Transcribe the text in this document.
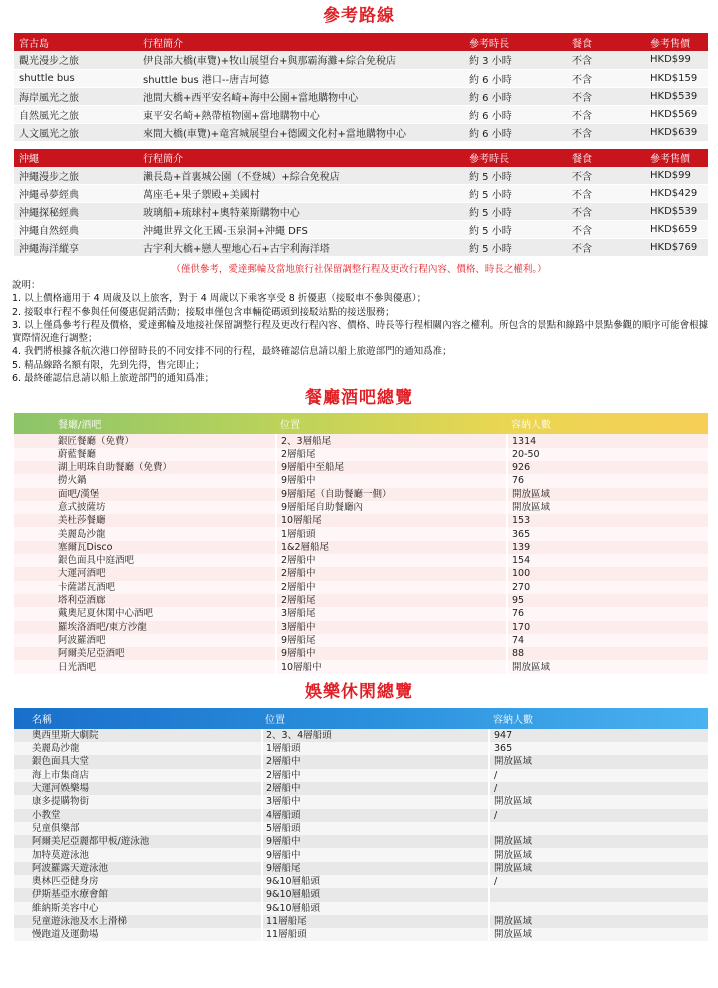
參考路線
宮古島	行程簡介	參考時長	餐食	參考售價
觀光漫步之旅	伊良部大橋(車覽)+牧山展望台+與那霸海灘+綜合免稅店	約 3 小時	不含	HKD$99
shuttle bus	shuttle bus 港口--唐吉坷德	約 6 小時	不含	HKD$159
海岸風光之旅	池間大橋+西平安名崎+海中公園+當地購物中心	約 6 小時	不含	HKD$539
自然風光之旅	東平安名崎+熱帶植物園+當地購物中心	約 6 小時	不含	HKD$569
人文風光之旅	來間大橋(車覽)+竜宮城展望台+德國文化村+當地購物中心	約 6 小時	不含	HKD$639
沖繩	行程簡介	參考時長	餐食	參考售價
沖繩漫步之旅	瀨長島+首裏城公園（不登城）+綜合免稅店	約 5 小時	不含	HKD$99
沖繩尋夢經典	萬座毛+果子禦殿+美國村	約 5 小時	不含	HKD$429
沖繩探秘經典	玻璃船+琉球村+奧特萊斯購物中心	約 5 小時	不含	HKD$539
沖繩自然經典	沖繩世界文化王國-玉泉洞+沖繩 DFS	約 5 小時	不含	HKD$659
沖繩海洋縱享	古宇利大橋+戀人聖地心石+古宇利海洋塔	約 5 小時	不含	HKD$769
（僅供參考，愛達郵輪及當地旅行社保留調整行程及更改行程內容、價格、時長之權利。）
說明：
1. 以上價格適用于 4 周歲及以上旅客，對于 4 周歲以下乘客享受 8 折優惠（接駁車不參與優惠）；
2. 接駁車行程不參與任何優惠促銷活動；接駁車僅包含車輛從碼頭到接駁站點的接送服務；
3. 以上僅爲參考行程及價格，愛達郵輪及地接社保留調整行程及更改行程內容、價格、時長等行程相關內容之權利。所包含的景點和線路中景點參觀的順序可能會根據實際情況進行調整；
4. 我們將根據各航次港口停留時長的不同安排不同的行程，最終確認信息請以船上旅遊部門的通知爲准；
5. 精品線路名額有限，先到先得，售完即止；
6. 最終確認信息請以船上旅遊部門的通知爲准；
餐廳酒吧總覽
餐廳/酒吧	位置	容納人數
銀匠餐廳（免費）	2、3層船尾	1314
蔚藍餐廳	2層船尾	20-50
湖上明珠自助餐廳（免費）	9層船中至船尾	926
撈火鍋	9層船中	76
面吧/漢堡	9層船尾（自助餐廳一側）	開放區域
意式披薩坊	9層船尾自助餐廳內	開放區域
美杜莎餐廳	10層船尾	153
美麗島沙龍	1層船頭	365
塞爾瓦Disco	1&2層船尾	139
銀色面具中庭酒吧	2層船中	154
大運河酒吧	2層船中	100
卡薩諾瓦酒吧	2層船中	270
塔利亞酒廊	2層船尾	95
戴奧尼夏休閑中心酒吧	3層船尾	76
羅埃洛酒吧/東方沙龍	3層船中	170
阿波羅酒吧	9層船尾	74
阿爾美尼亞酒吧	9層船中	88
日光酒吧	10層船中	開放區域
娛樂休閑總覽
名稱	位置	容納人數
奧西里斯大劇院	2、3、4層船頭	947
美麗島沙龍	1層船頭	365
銀色面具大堂	2層船中	開放區域
海上市集商店	2層船中	/
大運河娛樂場	2層船中	/
康多提購物街	3層船中	開放區域
小教堂	4層船頭	/
兒童俱樂部	5層船頭	
阿爾美尼亞麗都甲板/遊泳池	9層船中	開放區域
加特莫遊泳池	9層船中	開放區域
阿波羅露天遊泳池	9層船尾	開放區域
奧林匹亞健身房	9&10層船頭	/
伊斯基亞水療會館	9&10層船頭	
維納斯美容中心	9&10層船頭	
兒童遊泳池及水上滑梯	11層船尾	開放區域
慢跑道及運動場	11層船頭	開放區域
